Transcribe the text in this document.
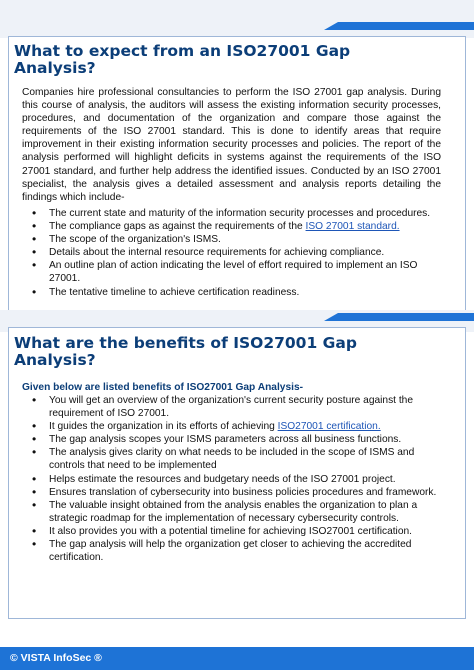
What to expect from an ISO27001 Gap Analysis?

Companies hire professional consultancies to perform the ISO 27001 gap analysis. During this course of analysis, the auditors will assess the existing information security processes, procedures, and documentation of the organization and compare those against the requirements of the ISO 27001 standard. This is done to identify areas that require improvement in their existing information security processes and policies. The report of the analysis performed will highlight deficits in systems against the requirements of the ISO 27001 standard, and further help address the identified issues. Conducted by an ISO 27001 specialist, the analysis gives a detailed assessment and analysis reports detailing the findings which include-

• The current state and maturity of the information security processes and procedures.
• The compliance gaps as against the requirements of the ISO 27001 standard.
• The scope of the organization's ISMS.
• Details about the internal resource requirements for achieving compliance.
• An outline plan of action indicating the level of effort required to implement an ISO 27001.
• The tentative timeline to achieve certification readiness.
What are the benefits of ISO27001 Gap Analysis?

Given below are listed benefits of ISO27001 Gap Analysis-

• You will get an overview of the organization's current security posture against the requirement of ISO 27001.
• It guides the organization in its efforts of achieving ISO27001 certification.
• The gap analysis scopes your ISMS parameters across all business functions.
• The analysis gives clarity on what needs to be included in the scope of ISMS and controls that need to be implemented
• Helps estimate the resources and budgetary needs of the ISO 27001 project.
• Ensures translation of cybersecurity into business policies procedures and framework.
• The valuable insight obtained from the analysis enables the organization to plan a strategic roadmap for the implementation of necessary cybersecurity controls.
• It also provides you with a potential timeline for achieving ISO27001 certification.
• The gap analysis will help the organization get closer to achieving the accredited certification.
© VISTA InfoSec ®
